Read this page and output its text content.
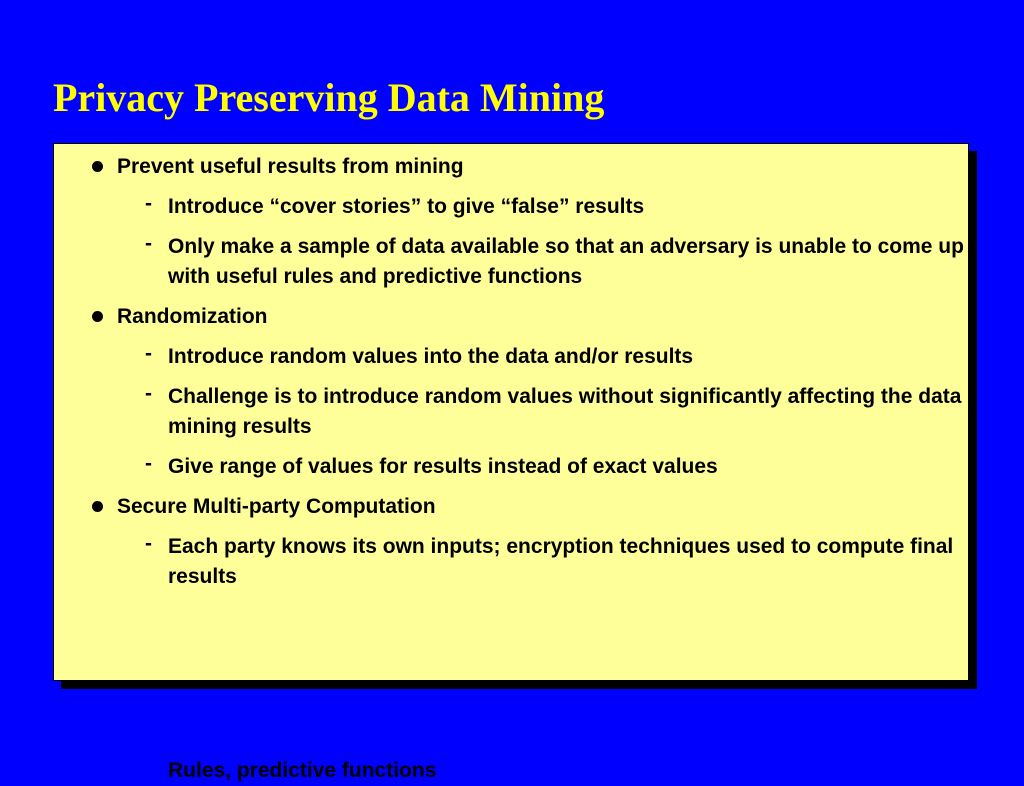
Privacy Preserving Data Mining
Prevent useful results from mining
- Introduce “cover stories” to give “false” results
- Only make a sample of data available so that an adversary is unable to come up with useful rules and predictive functions
Randomization
- Introduce random values into the data and/or results
- Challenge is to introduce random values without significantly affecting the data mining results
- Give range of values for results instead of exact values
Secure Multi-party Computation
- Each party knows its own inputs; encryption techniques used to compute final results
Rules, predictive functions
